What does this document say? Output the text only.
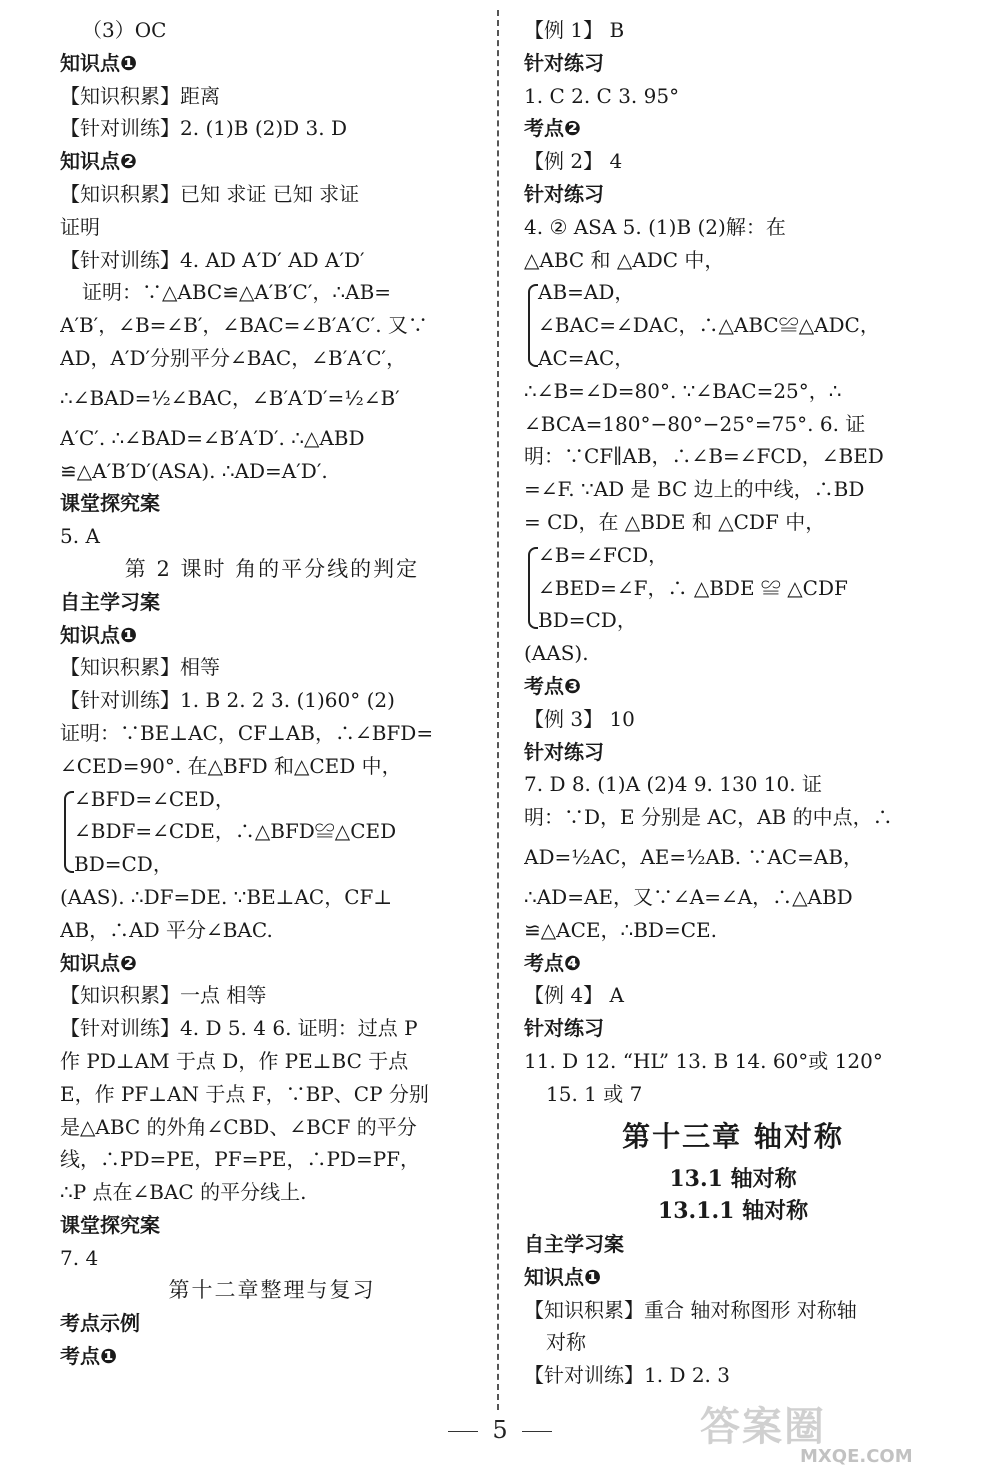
（3）OC
知识点❶
【知识积累】距离
【针对训练】2. (1)B (2)D 3. D
知识点❷
【知识积累】已知 求证 已知 求证
证明
【针对训练】4. AD A′D′ AD A′D′
证明：∵△ABC≌△A′B′C′，∴AB=
A′B′，∠B=∠B′，∠BAC=∠B′A′C′. 又∵
AD，A′D′分别平分∠BAC，∠B′A′C′，
∴∠BAD=½∠BAC，∠B′A′D′=½∠B′
A′C′. ∴∠BAD=∠B′A′D′. ∴△ABD
≌△A′B′D′(ASA). ∴AD=A′D′.
课堂探究案
5. A
第 2 课时 角的平分线的判定
自主学习案
知识点❶
【知识积累】相等
【针对训练】1. B 2. 2 3. (1)60° (2)
证明：∵BE⊥AC，CF⊥AB，∴∠BFD=
∠CED=90°. 在△BFD 和△CED 中，
∠BFD=∠CED，
∠BDF=∠CDE，∴△BFD≌△CED
BD=CD，
(AAS). ∴DF=DE. ∵BE⊥AC，CF⊥
AB，∴AD 平分∠BAC.
知识点❷
【知识积累】一点 相等
【针对训练】4. D 5. 4 6. 证明：过点 P
作 PD⊥AM 于点 D，作 PE⊥BC 于点
E，作 PF⊥AN 于点 F，∵BP、CP 分别
是△ABC 的外角∠CBD、∠BCF 的平分
线，∴PD=PE，PF=PE，∴PD=PF，
∴P 点在∠BAC 的平分线上.
课堂探究案
7. 4
第十二章整理与复习
考点示例
考点❶
【例 1】 B
针对练习
1. C 2. C 3. 95°
考点❷
【例 2】 4
针对练习
4. ② ASA 5. (1)B (2)解：在
△ABC 和 △ADC 中，
AB=AD，
∠BAC=∠DAC，∴△ABC≌△ADC，
AC=AC，
∴∠B=∠D=80°. ∵∠BAC=25°，∴
∠BCA=180°−80°−25°=75°. 6. 证
明：∵CF∥AB，∴∠B=∠FCD，∠BED
=∠F. ∵AD 是 BC 边上的中线，∴BD
= CD，在 △BDE 和 △CDF 中，
∠B=∠FCD，
∠BED=∠F，∴ △BDE ≌ △CDF
BD=CD，
(AAS).
考点❸
【例 3】 10
针对练习
7. D 8. (1)A (2)4 9. 130 10. 证
明：∵D，E 分别是 AC，AB 的中点，∴
AD=½AC，AE=½AB. ∵AC=AB，
∴AD=AE，又∵∠A=∠A，∴△ABD
≌△ACE，∴BD=CE.
考点❹
【例 4】 A
针对练习
11. D 12. “HL” 13. B 14. 60°或 120°
15. 1 或 7
第十三章 轴对称
13.1 轴对称
13.1.1 轴对称
自主学习案
知识点❶
【知识积累】重合 轴对称图形 对称轴
对称
【针对训练】1. D 2. 3
5	答案圈
MXQE.COM
